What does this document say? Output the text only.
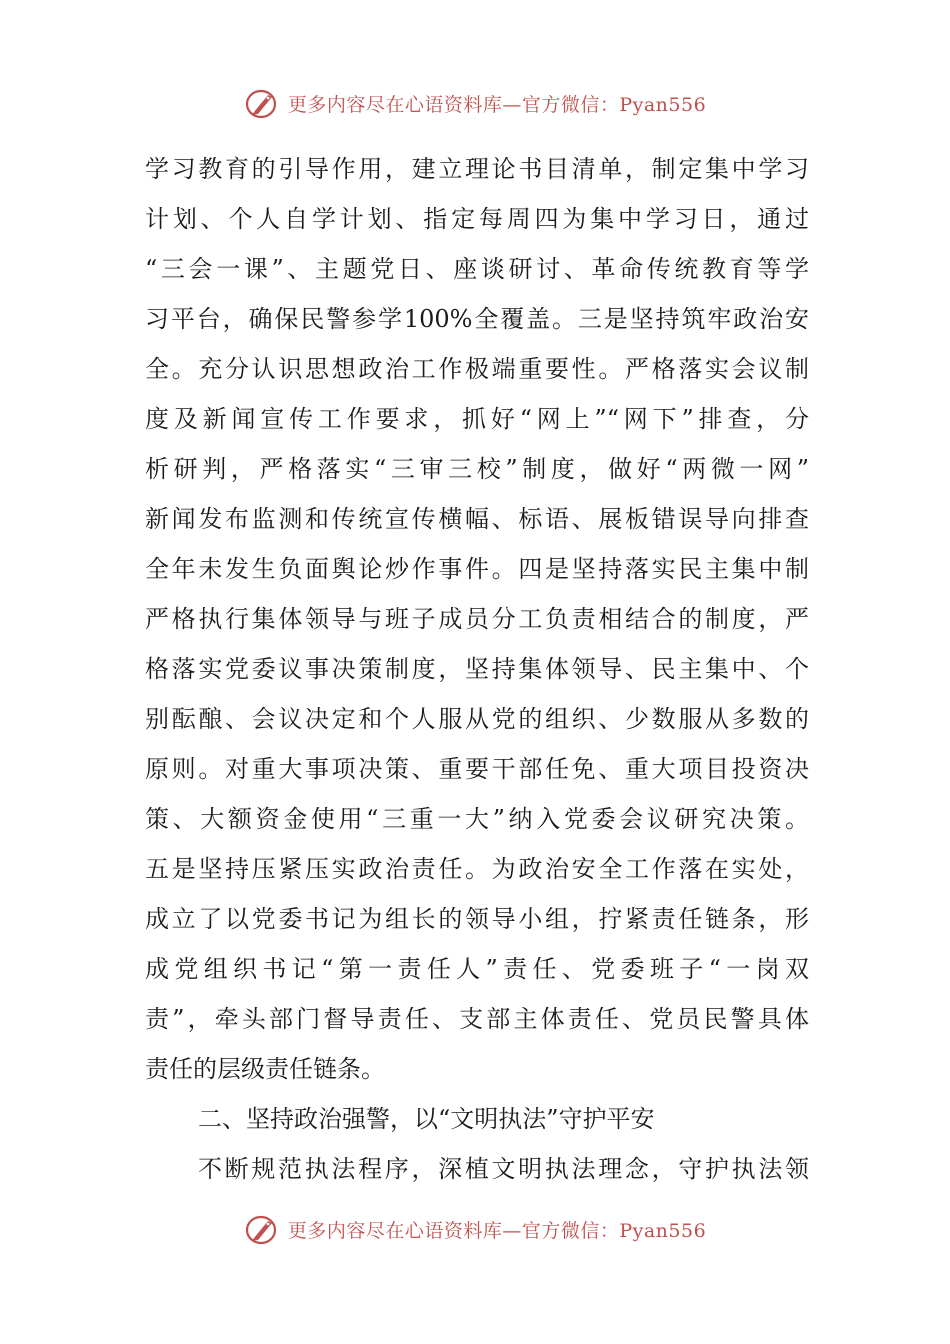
更多内容尽在心语资料库—官方微信：Pyan556
学习教育的引导作用，建立理论书目清单，制定集中学习
计划、个人自学计划、指定每周四为集中学习日，通过
“三会一课”、主题党日、座谈研讨、革命传统教育等学
习平台，确保民警参学100%全覆盖。三是坚持筑牢政治安
全。充分认识思想政治工作极端重要性。严格落实会议制
度及新闻宣传工作要求，抓好“网上”“网下”排查，分
析研判，严格落实“三审三校”制度，做好“两微一网”
新闻发布监测和传统宣传横幅、标语、展板错误导向排查
全年未发生负面舆论炒作事件。四是坚持落实民主集中制
严格执行集体领导与班子成员分工负责相结合的制度，严
格落实党委议事决策制度，坚持集体领导、民主集中、个
别酝酿、会议决定和个人服从党的组织、少数服从多数的
原则。对重大事项决策、重要干部任免、重大项目投资决
策、大额资金使用“三重一大”纳入党委会议研究决策。
五是坚持压紧压实政治责任。为政治安全工作落在实处，
成立了以党委书记为组长的领导小组，拧紧责任链条，形
成党组织书记“第一责任人”责任、党委班子“一岗双
责”，牵头部门督导责任、支部主体责任、党员民警具体
责任的层级责任链条。
二、坚持政治强警，以“文明执法”守护平安
不断规范执法程序，深植文明执法理念，守护执法领
更多内容尽在心语资料库—官方微信：Pyan556
